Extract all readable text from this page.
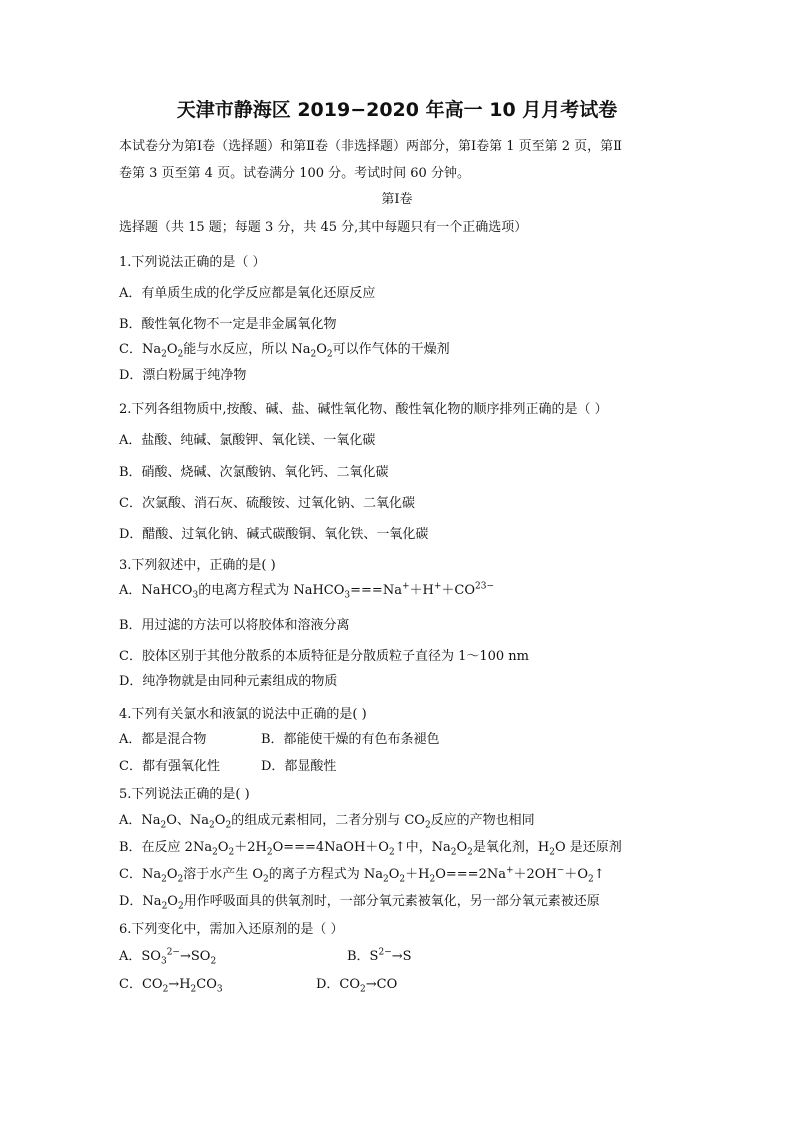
天津市静海区 2019−2020 年高一 10 月月考试卷
本试卷分为第Ⅰ卷（选择题）和第Ⅱ卷（非选择题）两部分，第Ⅰ卷第 1 页至第 2 页，第Ⅱ
卷第 3 页至第 4 页。试卷满分 100 分。考试时间 60 分钟。
第Ⅰ卷
选择题（共 15 题；每题 3 分，共 45 分,其中每题只有一个正确选项）
1.下列说法正确的是（ ）
A．有单质生成的化学反应都是氧化还原反应
B．酸性氧化物不一定是非金属氧化物
C．$Na_2O_2$能与水反应，所以 $Na_2O_2$可以作气体的干燥剂
D．漂白粉属于纯净物
2.下列各组物质中,按酸、碱、盐、碱性氧化物、酸性氧化物的顺序排列正确的是（ ）
A．盐酸、纯碱、氯酸钾、氧化镁、一氧化碳
B．硝酸、烧碱、次氯酸钠、氧化钙、二氧化碳
C．次氯酸、消石灰、硫酸铵、过氧化钠、二氧化碳
D．醋酸、过氧化钠、碱式碳酸铜、氧化铁、一氧化碳
3.下列叙述中，正确的是( )
A．NaHCO$_3$的电离方程式为 $NaHCO_3===Na^++H^++CO^{23-}$
B．用过滤的方法可以将胶体和溶液分离
C．胶体区别于其他分散系的本质特征是分散质粒子直径为 1～100 nm
D．纯净物就是由同种元素组成的物质
4.下列有关氯水和液氯的说法中正确的是( )
A．都是混合物	B．都能使干燥的有色布条褪色
C．都有强氧化性	D．都显酸性
5.下列说法正确的是( )
A．$Na_2O$、$Na_2O_2$的组成元素相同，二者分别与 $CO_2$反应的产物也相同
B．在反应 $2Na_2O_2+2H_2O===4NaOH+O_2↑$中，$Na_2O_2$是氧化剂，$H_2O$ 是还原剂
C．$Na_2O_2$溶于水产生 $O_2$的离子方程式为 $Na_2O_2+H_2O===2Na^++2OH^-+O_2↑$
D．$Na_2O_2$用作呼吸面具的供氧剂时，一部分氧元素被氧化，另一部分氧元素被还原
6.下列变化中，需加入还原剂的是（ ）
A．$SO_3^{2-}\to SO_2$	B．$S^{2-}\to S$
C．$CO_2\to H_2CO_3$	D．$CO_2\to CO$
